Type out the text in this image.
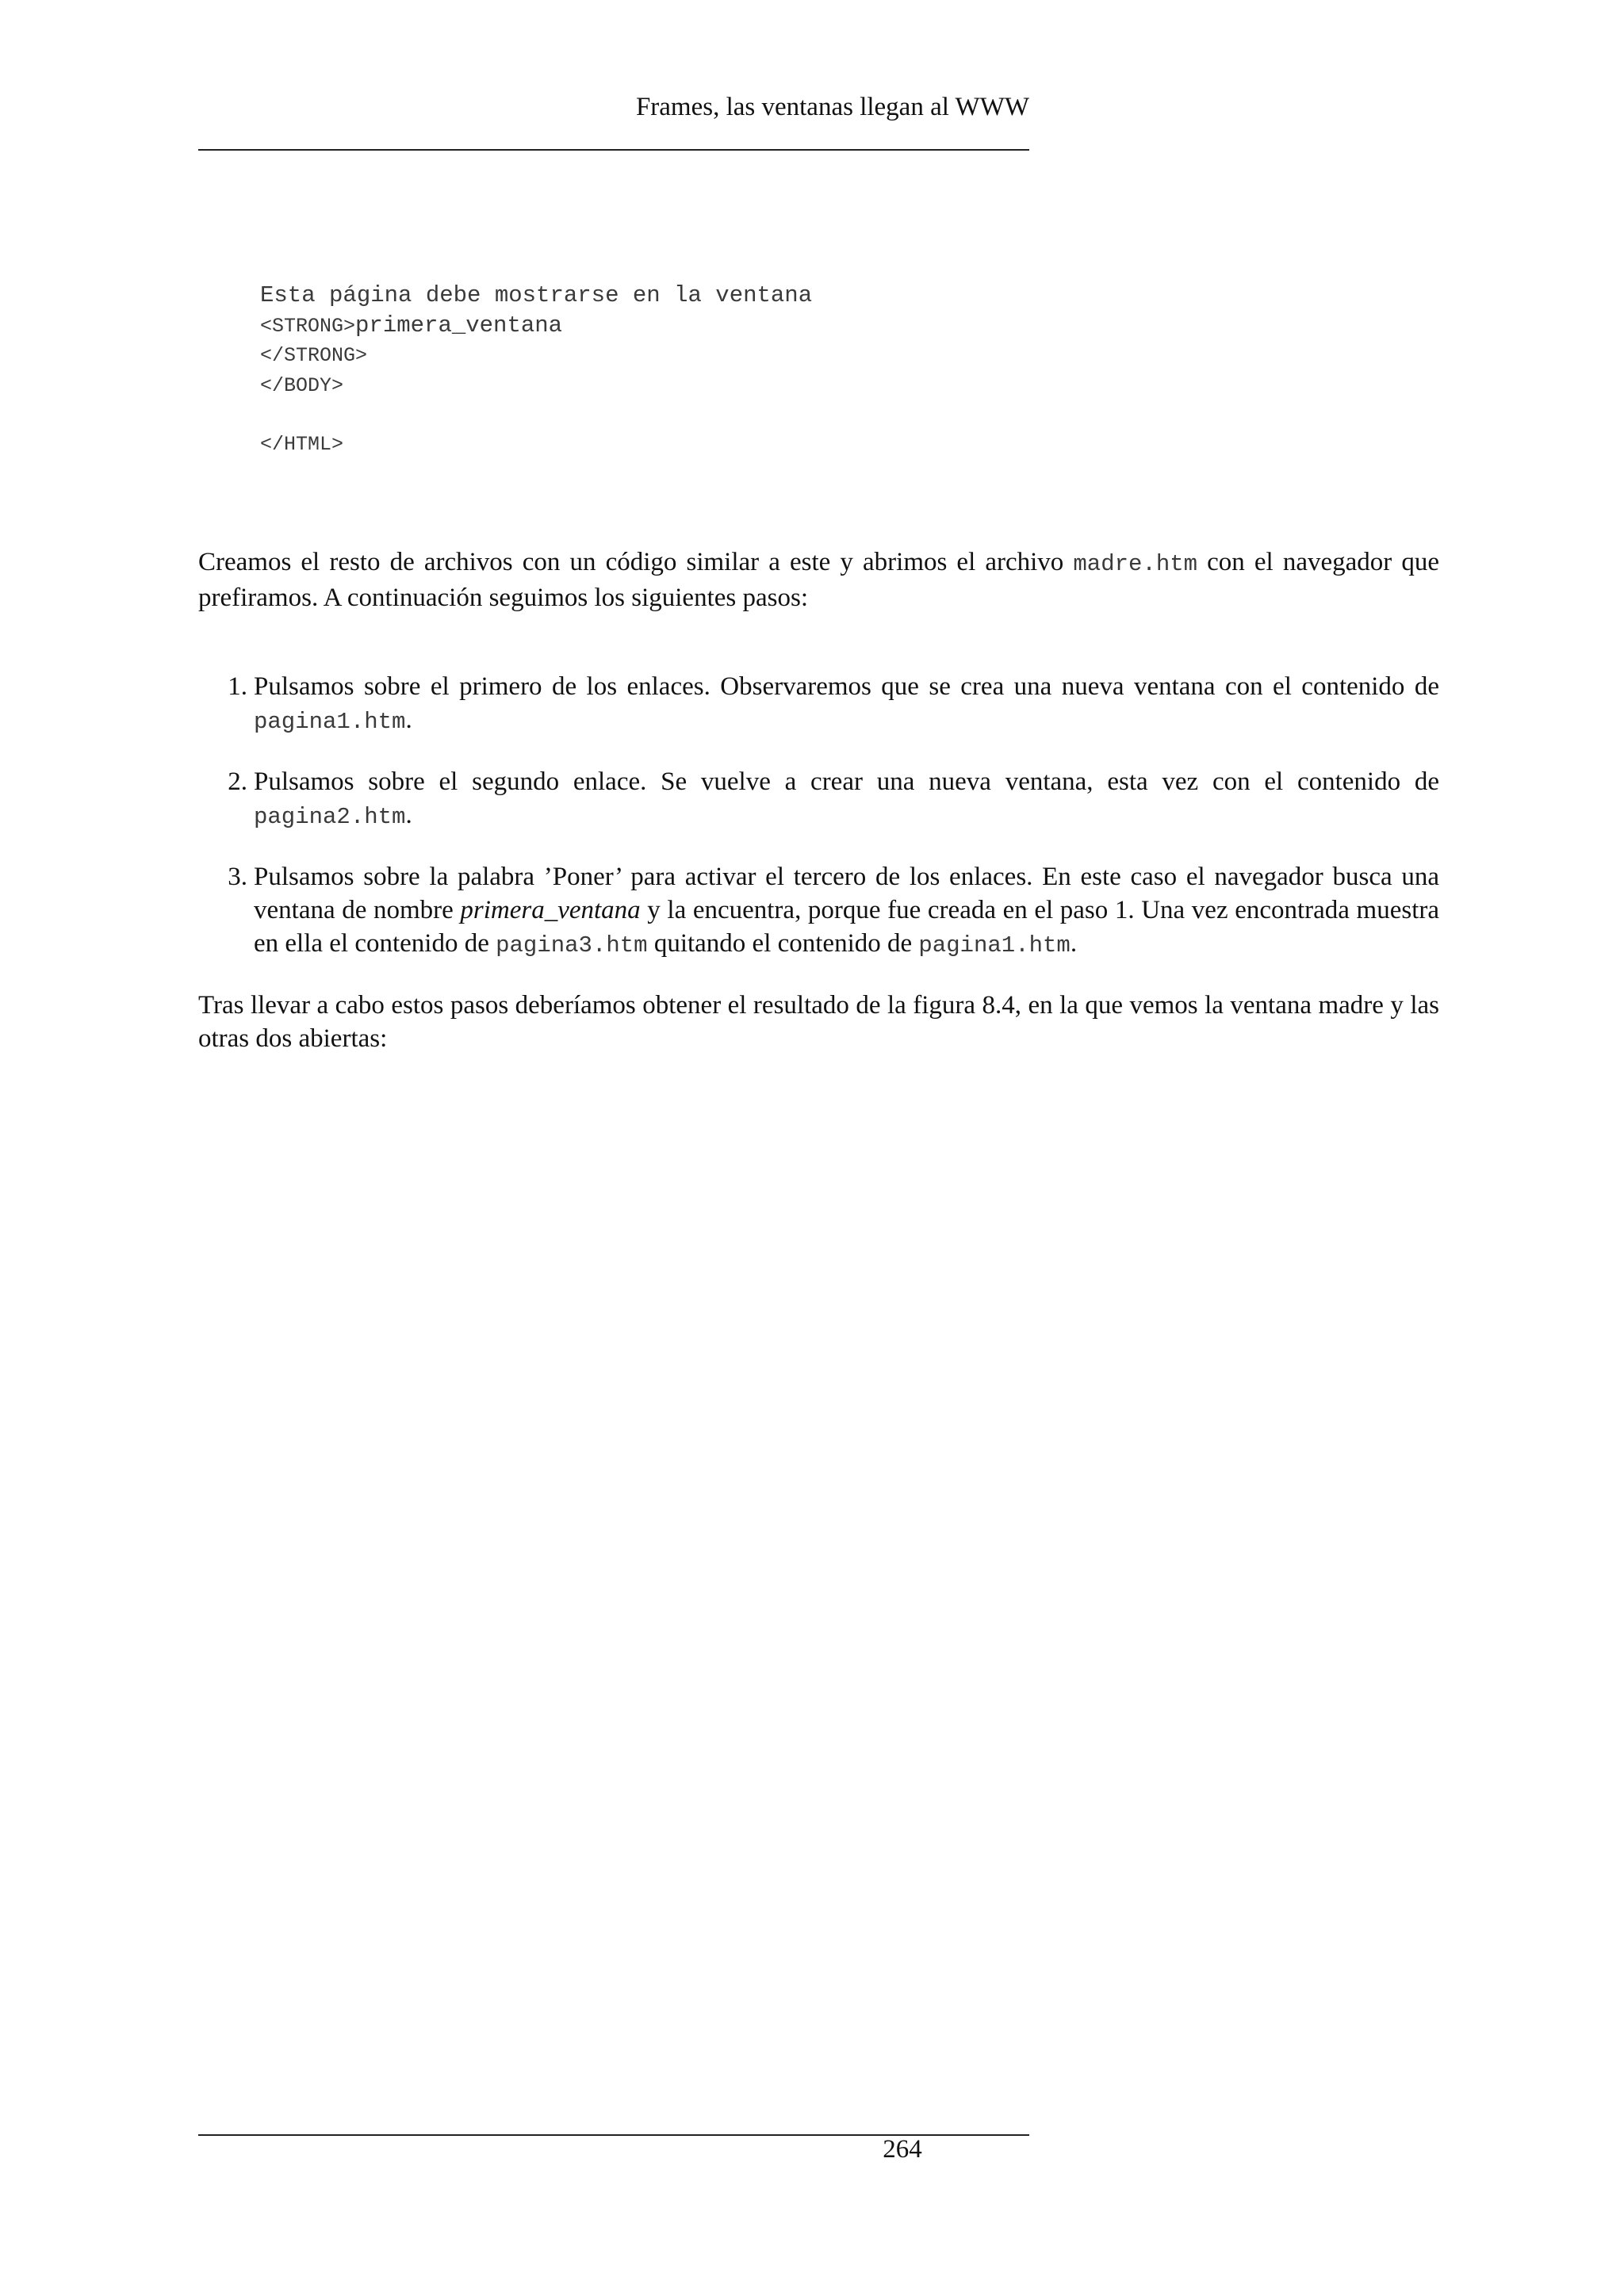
Frames, las ventanas llegan al WWW
Esta página debe mostrarse en la ventana
<STRONG>primera_ventana
</STRONG>
</BODY>
</HTML>

Creamos el resto de archivos con un código similar a este y abrimos el archivo madre.htm con el navegador que prefiramos. A continuación seguimos los siguientes pasos:

1. Pulsamos sobre el primero de los enlaces. Observaremos que se crea una nueva ventana con el contenido de pagina1.htm.
2. Pulsamos sobre el segundo enlace. Se vuelve a crear una nueva ventana, esta vez con el contenido de pagina2.htm.
3. Pulsamos sobre la palabra ’Poner’ para activar el tercero de los enlaces. En este caso el navegador busca una ventana de nombre primera_ventana y la encuentra, porque fue creada en el paso 1. Una vez encontrada muestra en ella el contenido de pagina3.htm quitando el contenido de pagina1.htm.

Tras llevar a cabo estos pasos deberíamos obtener el resultado de la figura 8.4, en la que vemos la ventana madre y las otras dos abiertas:

264
